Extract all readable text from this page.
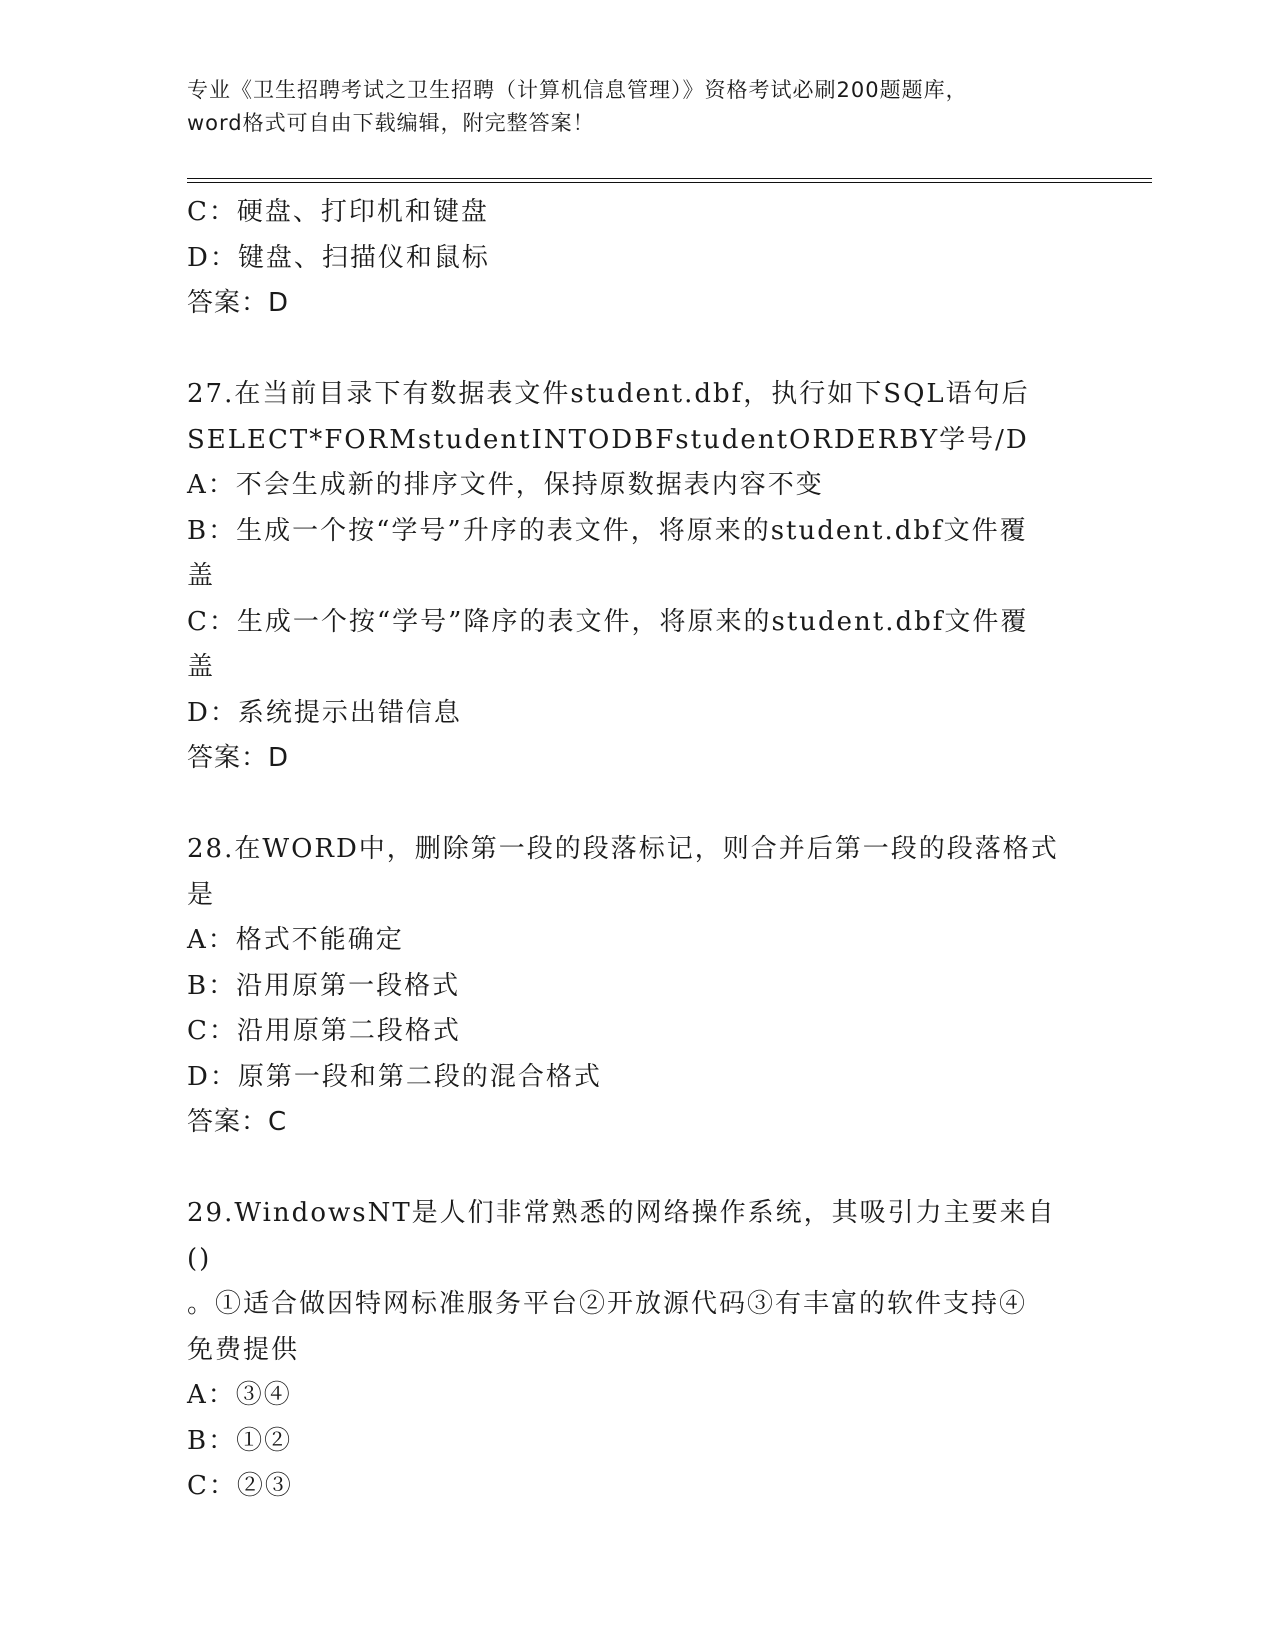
专业《卫生招聘考试之卫生招聘（计算机信息管理）》资格考试必刷200题题库，
word格式可自由下载编辑，附完整答案！
C：硬盘、打印机和键盘
D：键盘、扫描仪和鼠标
答案：D
27.在当前目录下有数据表文件student.dbf，执行如下SQL语句后
SELECT*FORMstudentINTODBFstudentORDERBY学号/D
A：不会生成新的排序文件，保持原数据表内容不变
B：生成一个按“学号”升序的表文件，将原来的student.dbf文件覆
盖
C：生成一个按“学号”降序的表文件，将原来的student.dbf文件覆
盖
D：系统提示出错信息
答案：D
28.在WORD中，删除第一段的段落标记，则合并后第一段的段落格式
是
A：格式不能确定
B：沿用原第一段格式
C：沿用原第二段格式
D：原第一段和第二段的混合格式
答案：C
29.WindowsNT是人们非常熟悉的网络操作系统，其吸引力主要来自()
。①适合做因特网标准服务平台②开放源代码③有丰富的软件支持④
免费提供
A：③④
B：①②
C：②③
